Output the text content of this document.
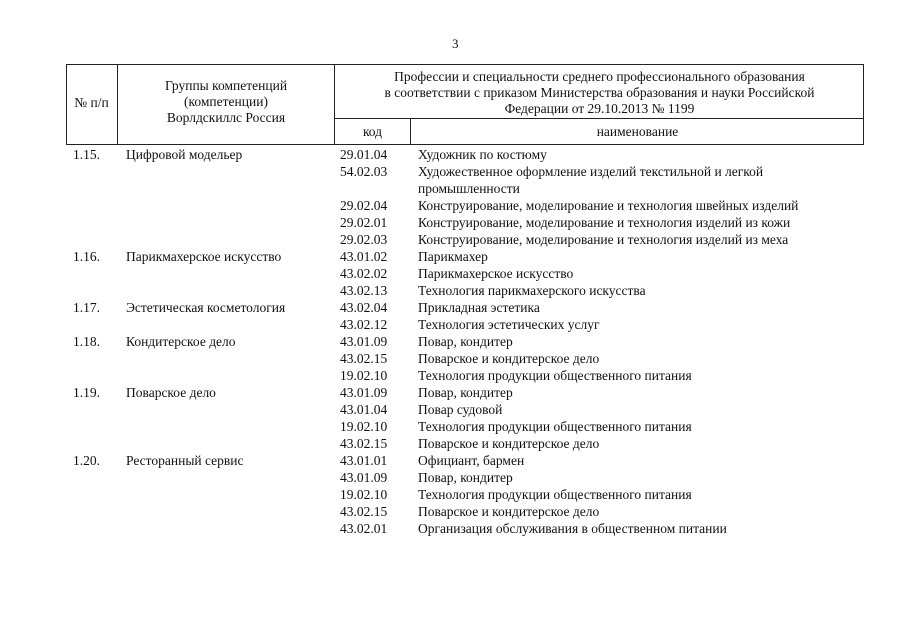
3
№ п/п
Группы компетенций
(компетенции)
Ворлдскиллс Россия
Профессии и специальности среднего профессионального образования
в соответствии с приказом Министерства образования и науки Российской
Федерации от 29.10.2013 № 1199
код	наименование
1.15. Цифровой модельер	29.01.04 Художник по костюму
54.02.03 Художественное оформление изделий текстильной и легкой промышленности
29.02.04 Конструирование, моделирование и технология швейных изделий
29.02.01 Конструирование, моделирование и технология изделий из кожи
29.02.03 Конструирование, моделирование и технология изделий из меха
1.16. Парикмахерское искусство	43.01.02 Парикмахер
43.02.02 Парикмахерское искусство
43.02.13 Технология парикмахерского искусства
1.17. Эстетическая косметология	43.02.04 Прикладная эстетика
43.02.12 Технология эстетических услуг
1.18. Кондитерское дело	43.01.09 Повар, кондитер
43.02.15 Поварское и кондитерское дело
19.02.10 Технология продукции общественного питания
1.19. Поварское дело	43.01.09 Повар, кондитер
43.01.04 Повар судовой
19.02.10 Технология продукции общественного питания
43.02.15 Поварское и кондитерское дело
1.20. Ресторанный сервис	43.01.01 Официант, бармен
43.01.09 Повар, кондитер
19.02.10 Технология продукции общественного питания
43.02.15 Поварское и кондитерское дело
43.02.01 Организация обслуживания в общественном питании
